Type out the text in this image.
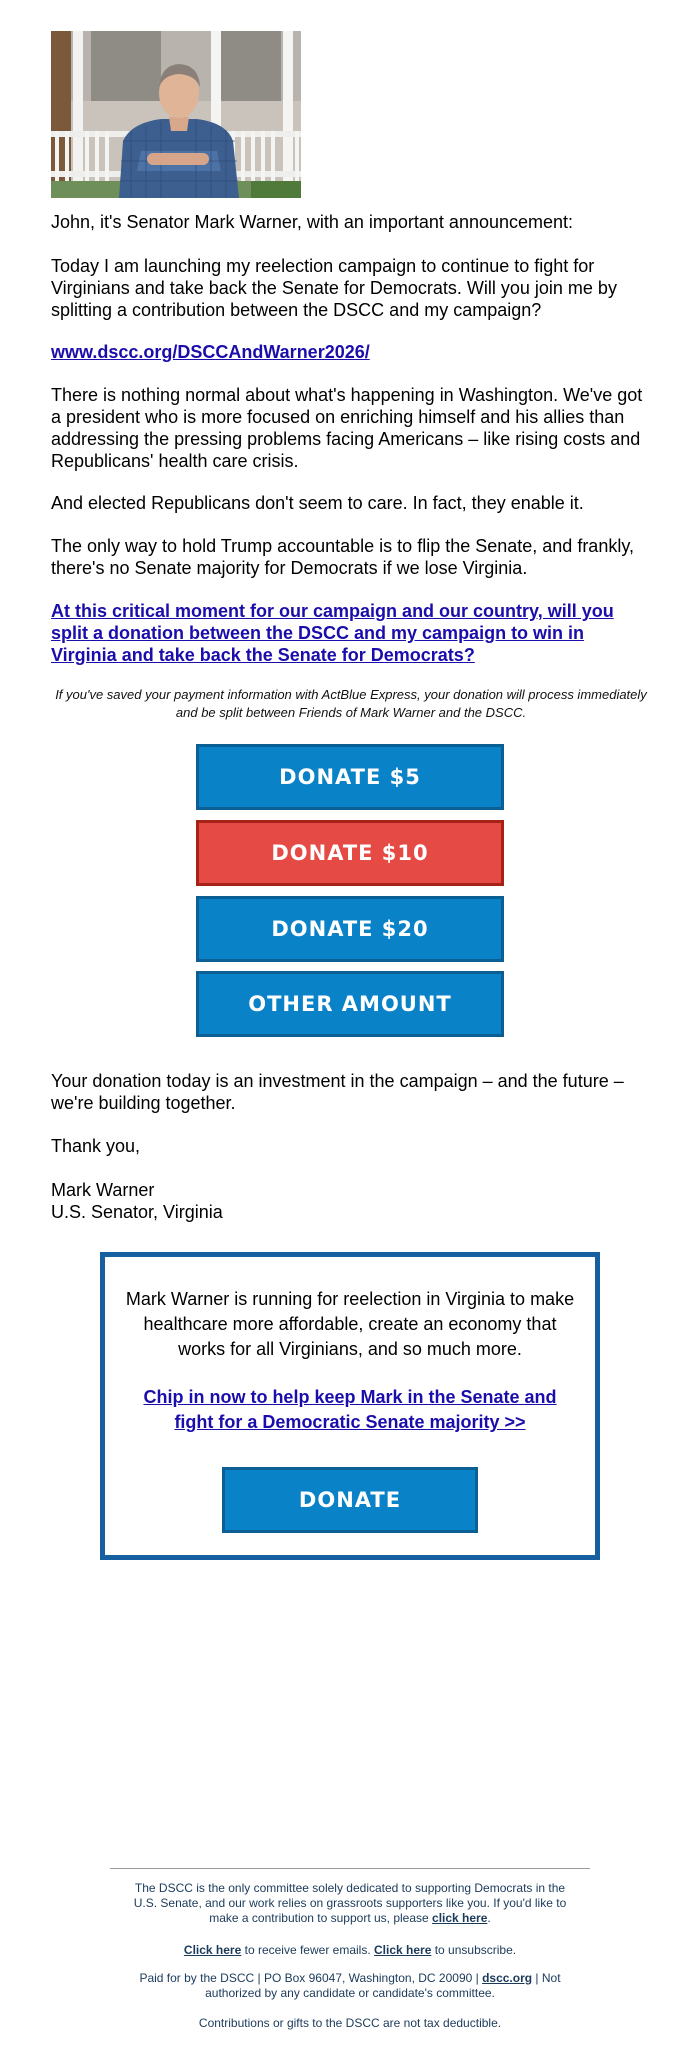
John, it's Senator Mark Warner, with an important announcement:

Today I am launching my reelection campaign to continue to fight for Virginians and take back the Senate for Democrats. Will you join me by splitting a contribution between the DSCC and my campaign?

www.dscc.org/DSCCAndWarner2026/

There is nothing normal about what's happening in Washington. We've got a president who is more focused on enriching himself and his allies than addressing the pressing problems facing Americans – like rising costs and Republicans' health care crisis.

And elected Republicans don't seem to care. In fact, they enable it.

The only way to hold Trump accountable is to flip the Senate, and frankly, there's no Senate majority for Democrats if we lose Virginia.

At this critical moment for our campaign and our country, will you split a donation between the DSCC and my campaign to win in Virginia and take back the Senate for Democrats?

If you've saved your payment information with ActBlue Express, your donation will process immediately and be split between Friends of Mark Warner and the DSCC.
DONATE $5
DONATE $10
DONATE $20
OTHER AMOUNT

Your donation today is an investment in the campaign – and the future – we're building together.

Thank you,

Mark Warner

U.S. Senator, Virginia

Mark Warner is running for reelection in Virginia to make healthcare more affordable, create an economy that works for all Virginians, and so much more.

Chip in now to help keep Mark in the Senate and fight for a Democratic Senate majority >>
DONATE

The DSCC is the only committee solely dedicated to supporting Democrats in the U.S. Senate, and our work relies on grassroots supporters like you. If you'd like to make a contribution to support us, please click here.

Click here to receive fewer emails. Click here to unsubscribe.

Paid for by the DSCC | PO Box 96047, Washington, DC 20090 | dscc.org | Not authorized by any candidate or candidate's committee.

Contributions or gifts to the DSCC are not tax deductible.
